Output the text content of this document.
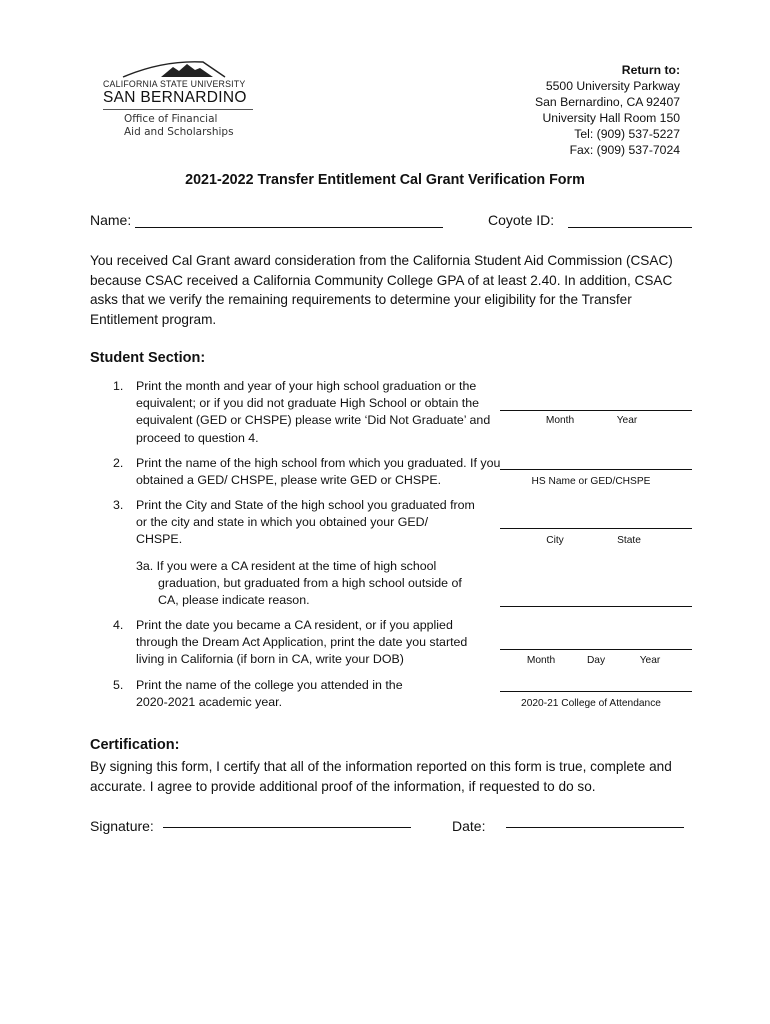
CALIFORNIA STATE UNIVERSITY
SAN BERNARDINO
Office of Financial
Aid and Scholarships
Return to:
5500 University Parkway
San Bernardino, CA 92407
University Hall Room 150
Tel: (909) 537-5227
Fax: (909) 537-7024
2021-2022 Transfer Entitlement Cal Grant Verification Form
Name:	Coyote ID:
You received Cal Grant award consideration from the California Student Aid Commission (CSAC) because CSAC received a California Community College GPA of at least 2.40. In addition, CSAC asks that we verify the remaining requirements to determine your eligibility for the Transfer Entitlement program.
Student Section:
1. Print the month and year of your high school graduation or the equivalent; or if you did not graduate High School or obtain the equivalent (GED or CHSPE) please write ‘Did Not Graduate’ and proceed to question 4.
Month	Year
2. Print the name of the high school from which you graduated. If you obtained a GED/ CHSPE, please write GED or CHSPE.	HS Name or GED/CHSPE
3. Print the City and State of the high school you graduated from or the city and state in which you obtained your GED/ CHSPE.	City	State
3a. If you were a CA resident at the time of high school graduation, but graduated from a high school outside of CA, please indicate reason.
4. Print the date you became a CA resident, or if you applied through the Dream Act Application, print the date you started living in California (if born in CA, write your DOB)	Month	Day	Year
5. Print the name of the college you attended in the 2020-2021 academic year.	2020-21 College of Attendance
Certification:
By signing this form, I certify that all of the information reported on this form is true, complete and accurate. I agree to provide additional proof of the information, if requested to do so.
Signature:	Date:
